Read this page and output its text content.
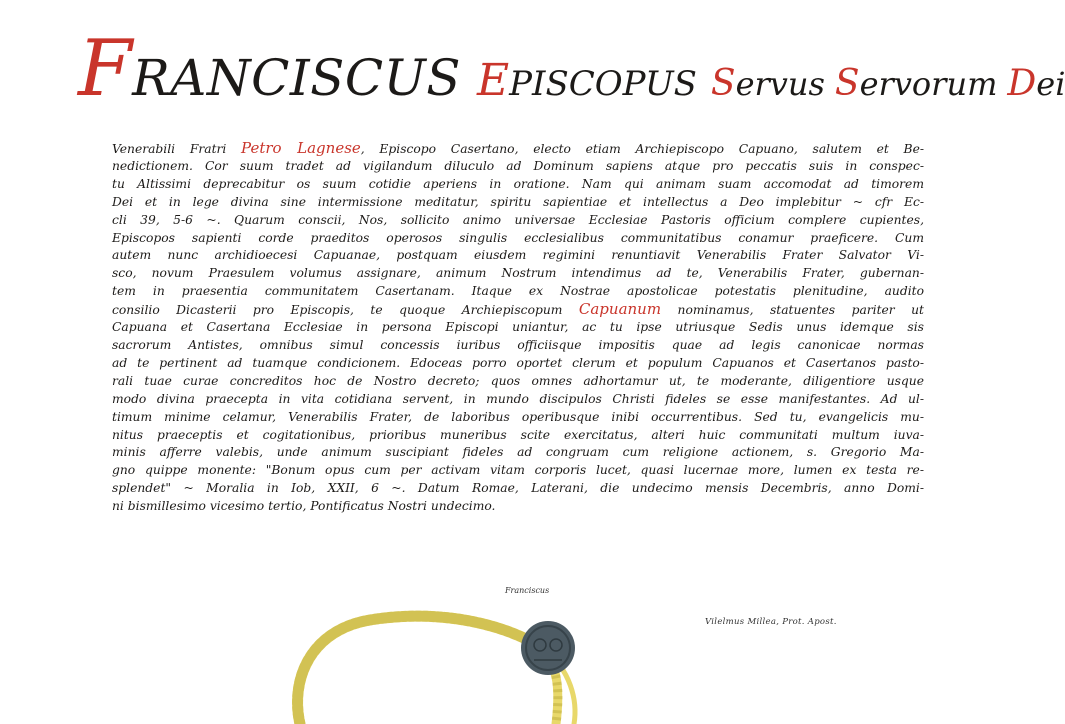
F RANCISCUS E PISCOPUS S ervus S ervorum D ei
Venerabili Fratri Petro Lagnese, Episcopo Casertano, electo etiam Archiepiscopo Capuano, salutem et Be-
nedictionem. Cor suum tradet ad vigilandum diluculo ad Dominum sapiens atque pro peccatis suis in conspec-
tu Altissimi deprecabitur os suum cotidie aperiens in oratione. Nam qui animam suam accomodat ad timorem
Dei et in lege divina sine intermissione meditatur, spiritu sapientiae et intellectus a Deo implebitur ~ cfr Ec-
cli 39, 5-6 ~. Quarum conscii, Nos, sollicito animo universae Ecclesiae Pastoris officium complere cupientes,
Episcopos sapienti corde praeditos operosos singulis ecclesialibus communitatibus conamur praeficere. Cum
autem nunc archidioecesi Capuanae, postquam eiusdem regimini renuntiavit Venerabilis Frater Salvator Vi-
sco, novum Praesulem volumus assignare, animum Nostrum intendimus ad te, Venerabilis Frater, gubernan-
tem in praesentia communitatem Casertanam. Itaque ex Nostrae apostolicae potestatis plenitudine, audito
consilio Dicasterii pro Episcopis, te quoque Archiepiscopum Capuanum nominamus, statuentes pariter ut
Capuana et Casertana Ecclesiae in persona Episcopi uniantur, ac tu ipse utriusque Sedis unus idemque sis
sacrorum Antistes, omnibus simul concessis iuribus officiisque impositis quae ad legis canonicae normas
ad te pertinent ad tuamque condicionem. Edoceas porro oportet clerum et populum Capuanos et Casertanos pasto-
rali tuae curae concreditos hoc de Nostro decreto; quos omnes adhortamur ut, te moderante, diligentiore usque
modo divina praecepta in vita cotidiana servent, in mundo discipulos Christi fideles se esse manifestantes. Ad ul-
timum minime celamur, Venerabilis Frater, de laboribus operibusque inibi occurrentibus. Sed tu, evangelicis mu-
nitus praeceptis et cogitationibus, prioribus muneribus scite exercitatus, alteri huic communitati multum iuva-
minis afferre valebis, unde animum suscipiant fideles ad congruam cum religione actionem, s. Gregorio Ma-
gno quippe monente: "Bonum opus cum per activam vitam corporis lucet, quasi lucernae more, lumen ex testa re-
splendet" ~ Moralia in Iob, XXII, 6 ~. Datum Romae, Laterani, die undecimo mensis Decembris, anno Domi-
ni bismillesimo vicesimo tertio, Pontificatus Nostri undecimo.
Franciscus
Vilelmus Millea, Prot. Apost.
